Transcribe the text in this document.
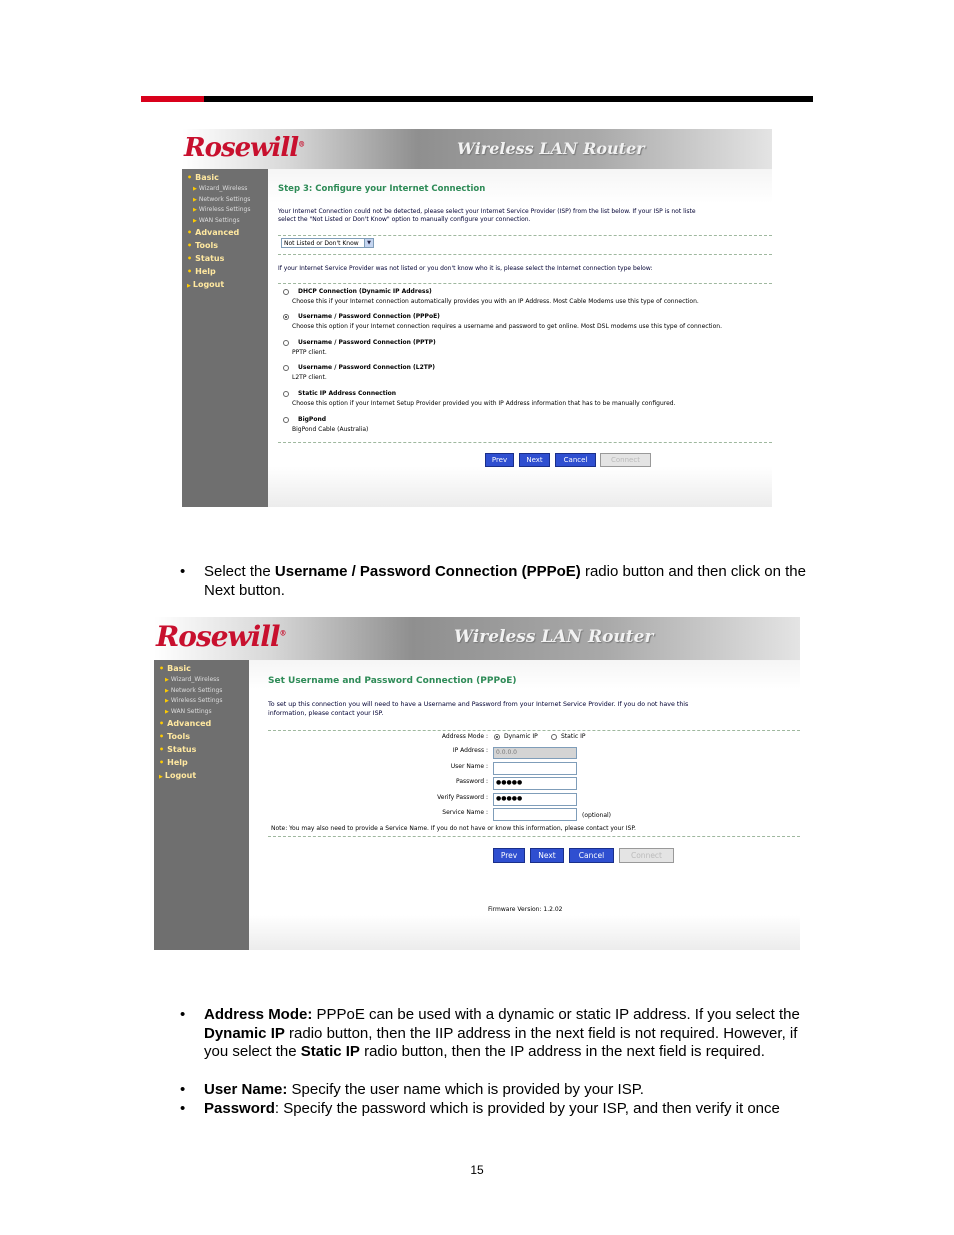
Rosewill®	Wireless LAN Router
• Basic
▶ Wizard_Wireless
▶ Network Settings
▶ Wireless Settings
▶ WAN Settings
• Advanced
• Tools
• Status
• Help
▶ Logout
Step 3: Configure your Internet Connection
Your Internet Connection could not be detected, please select your Internet Service Provider (ISP) from the list below. If your ISP is not liste
select the "Not Listed or Don't Know" option to manually configure your connection.
Not Listed or Don't Know	▼
If your Internet Service Provider was not listed or you don't know who it is, please select the Internet connection type below:
DHCP Connection (Dynamic IP Address)
Choose this if your Internet connection automatically provides you with an IP Address. Most Cable Modems use this type of connection.
Username / Password Connection (PPPoE)
Choose this option if your Internet connection requires a username and password to get online. Most DSL modems use this type of connection.
Username / Password Connection (PPTP)
PPTP client.
Username / Password Connection (L2TP)
L2TP client.
Static IP Address Connection
Choose this option if your Internet Setup Provider provided you with IP Address information that has to be manually configured.
BigPond
BigPond Cable (Australia)
Prev	Next	Cancel	Connect
• Select the Username / Password Connection (PPPoE) radio button and then click on the Next button.
Rosewill®	Wireless LAN Router
• Basic
▶ Wizard_Wireless
▶ Network Settings
▶ Wireless Settings
▶ WAN Settings
• Advanced
• Tools
• Status
• Help
▶ Logout
Set Username and Password Connection (PPPoE)
To set up this connection you will need to have a Username and Password from your Internet Service Provider. If you do not have this
information, please contact your ISP.
Address Mode :	Dynamic IP	Static IP
IP Address :	0.0.0.0
User Name :
Password :	●●●●●
Verify Password :	●●●●●
Service Name :	(optional)
Note: You may also need to provide a Service Name. If you do not have or know this information, please contact your ISP.
Prev	Next	Cancel	Connect
Firmware Version: 1.2.02
• Address Mode: PPPoE can be used with a dynamic or static IP address. If you select the Dynamic IP radio button, then the IIP address in the next field is not required. However, if you select the Static IP radio button, then the IP address in the next field is required.
• User Name: Specify the user name which is provided by your ISP.
• Password: Specify the password which is provided by your ISP, and then verify it once
15
